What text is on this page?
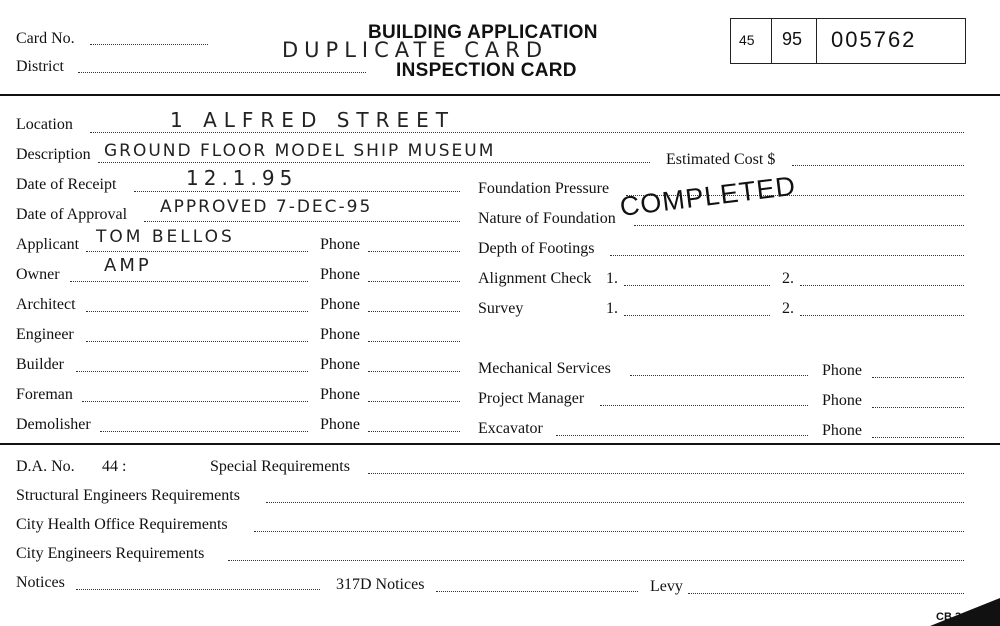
Card No.
District
BUILDING APPLICATION
DUPLICATE CARD
INSPECTION CARD
45 95 005762
Location	1 ALFRED STREET
Description GROUND FLOOR MODEL SHIP MUSEUM	Estimated Cost $
Date of Receipt	12.1.95
Date of Approval APPROVED 7-DEC-95
Applicant TOM BELLOS	Phone
Owner AMP	Phone
Architect	Phone
Engineer	Phone
Builder	Phone
Foreman	Phone
Demolisher	Phone
Foundation Pressure
Nature of Foundation
Depth of Footings
Alignment Check 1.	2.
Survey	1.	2.
Mechanical Services	Phone
Project Manager	Phone
Excavator	Phone
COMPLETED
D.A. No. 44 :	Special Requirements
Structural Engineers Requirements
City Health Office Requirements
City Engineers Requirements
Notices	317D Notices	Levy
CB 3
